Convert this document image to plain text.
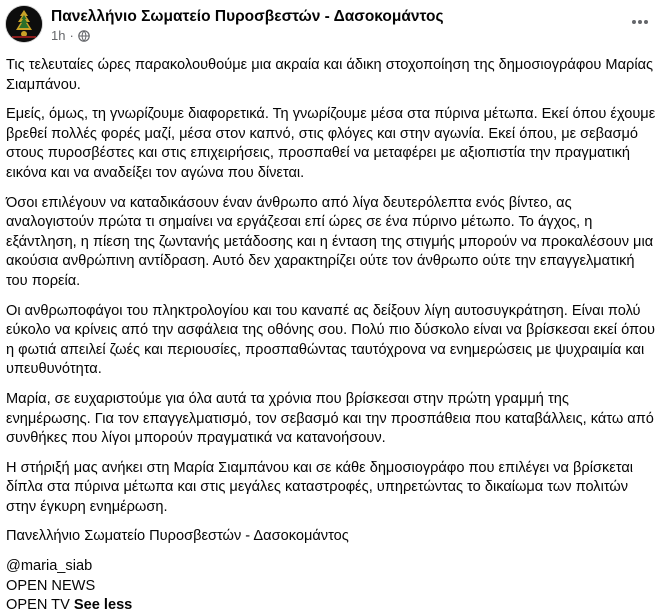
Πανελλήνιο Σωματείο Πυροσβεστών - Δασοκομάντος
1h ·

Τις τελευταίες ώρες παρακολουθούμε μια ακραία και άδικη στοχοποίηση της δημοσιογράφου Μαρίας Σιαμπάνου.

Εμείς, όμως, τη γνωρίζουμε διαφορετικά. Τη γνωρίζουμε μέσα στα πύρινα μέτωπα. Εκεί όπου έχουμε βρεθεί πολλές φορές μαζί, μέσα στον καπνό, στις φλόγες και στην αγωνία. Εκεί όπου, με σεβασμό στους πυροσβέστες και στις επιχειρήσεις, προσπαθεί να μεταφέρει με αξιοπιστία την πραγματική εικόνα και να αναδείξει τον αγώνα που δίνεται.

Όσοι επιλέγουν να καταδικάσουν έναν άνθρωπο από λίγα δευτερόλεπτα ενός βίντεο, ας αναλογιστούν πρώτα τι σημαίνει να εργάζεσαι επί ώρες σε ένα πύρινο μέτωπο. Το άγχος, η εξάντληση, η πίεση της ζωντανής μετάδοσης και η ένταση της στιγμής μπορούν να προκαλέσουν μια ακούσια ανθρώπινη αντίδραση. Αυτό δεν χαρακτηρίζει ούτε τον άνθρωπο ούτε την επαγγελματική του πορεία.

Οι ανθρωποφάγοι του πληκτρολογίου και του καναπέ ας δείξουν λίγη αυτοσυγκράτηση. Είναι πολύ εύκολο να κρίνεις από την ασφάλεια της οθόνης σου. Πολύ πιο δύσκολο είναι να βρίσκεσαι εκεί όπου η φωτιά απειλεί ζωές και περιουσίες, προσπαθώντας ταυτόχρονα να ενημερώσεις με ψυχραιμία και υπευθυνότητα.

Μαρία, σε ευχαριστούμε για όλα αυτά τα χρόνια που βρίσκεσαι στην πρώτη γραμμή της ενημέρωσης. Για τον επαγγελματισμό, τον σεβασμό και την προσπάθεια που καταβάλλεις, κάτω από συνθήκες που λίγοι μπορούν πραγματικά να κατανοήσουν.

Η στήριξή μας ανήκει στη Μαρία Σιαμπάνου και σε κάθε δημοσιογράφο που επιλέγει να βρίσκεται δίπλα στα πύρινα μέτωπα και στις μεγάλες καταστροφές, υπηρετώντας το δικαίωμα των πολιτών στην έγκυρη ενημέρωση.

Πανελλήνιο Σωματείο Πυροσβεστών - Δασοκομάντος

@maria_siab

OPEN NEWS

OPEN TV See less
